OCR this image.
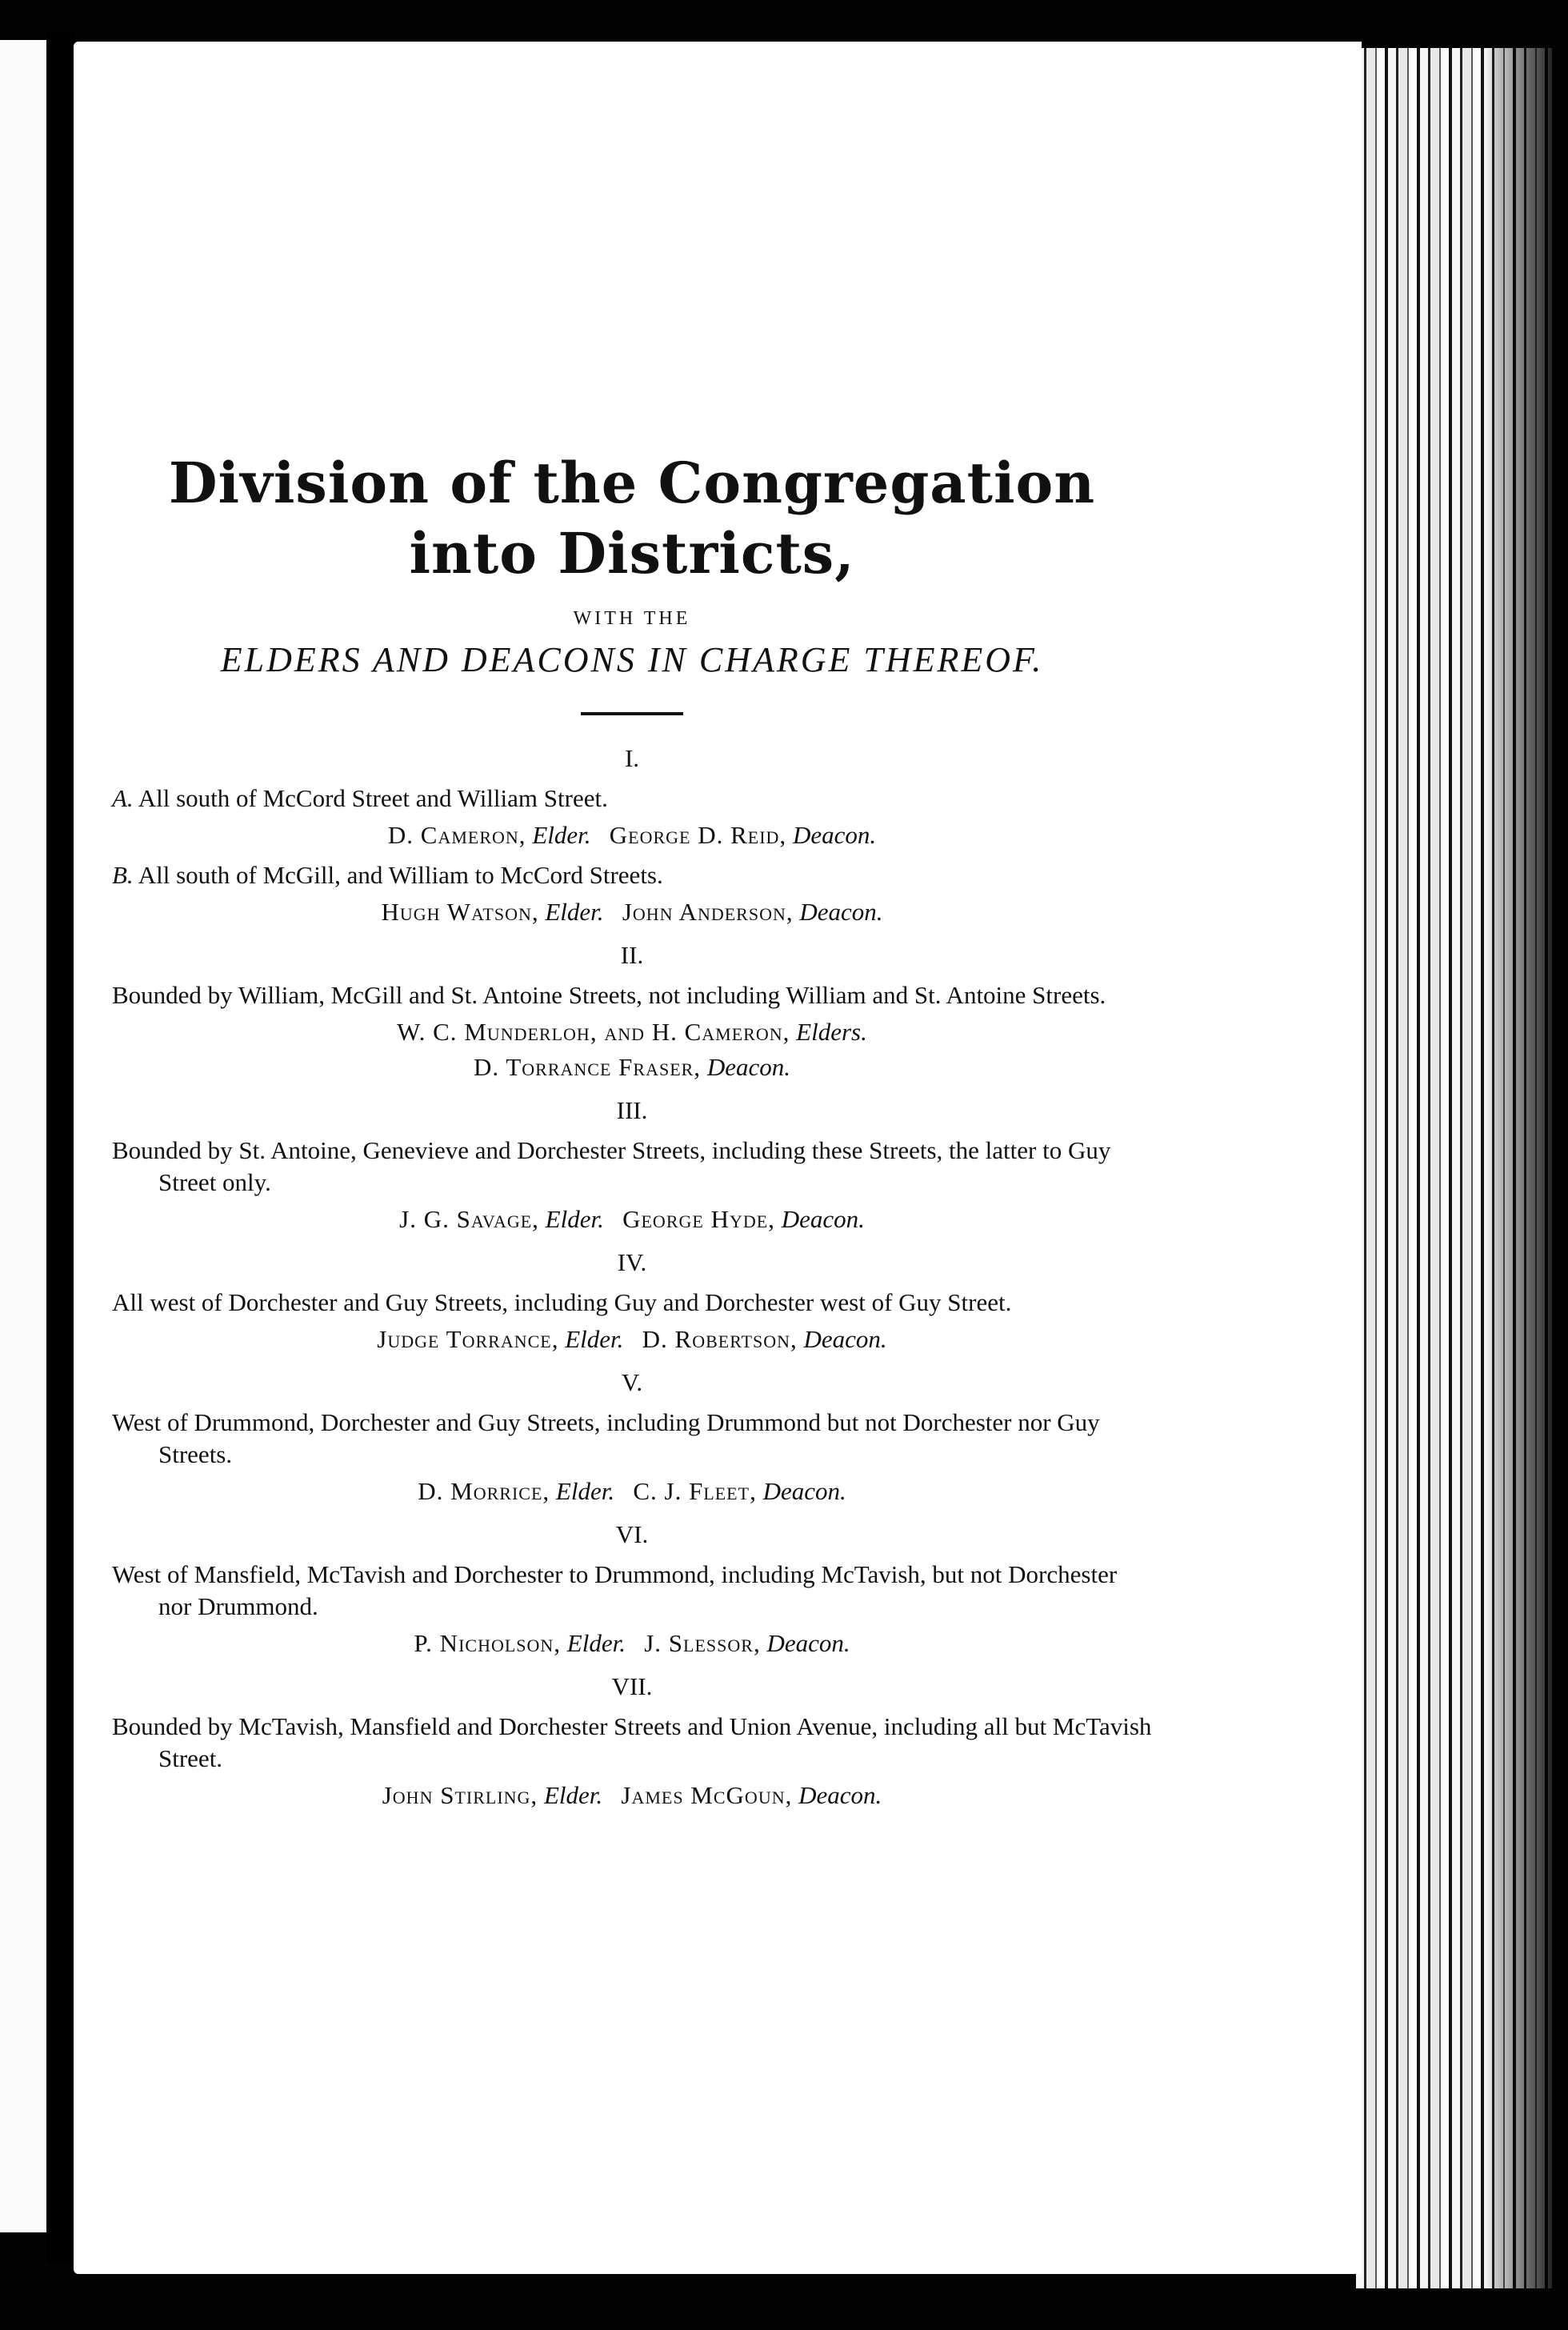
Division of the Congregation
into Districts,
WITH THE
ELDERS AND DEACONS IN CHARGE THEREOF.
I.

A. All south of McCord Street and William Street.

D. Cameron, Elder. George D. Reid, Deacon.

B. All south of McGill, and William to McCord Streets.

Hugh Watson, Elder. John Anderson, Deacon.

II.

Bounded by William, McGill and St. Antoine Streets, not including William and St. Antoine Streets.

W. C. Munderloh, and H. Cameron, Elders.
D. Torrance Fraser, Deacon.

III.

Bounded by St. Antoine, Genevieve and Dorchester Streets, including these Streets, the latter to Guy Street only.

J. G. Savage, Elder. George Hyde, Deacon.

IV.

All west of Dorchester and Guy Streets, including Guy and Dorchester west of Guy Street.

Judge Torrance, Elder. D. Robertson, Deacon.

V.

West of Drummond, Dorchester and Guy Streets, including Drummond but not Dorchester nor Guy Streets.

D. Morrice, Elder. C. J. Fleet, Deacon.

VI.

West of Mansfield, McTavish and Dorchester to Drummond, including McTavish, but not Dorchester nor Drummond.

P. Nicholson, Elder. J. Slessor, Deacon.

VII.

Bounded by McTavish, Mansfield and Dorchester Streets and Union Avenue, including all but McTavish Street.

John Stirling, Elder. James McGoun, Deacon.
